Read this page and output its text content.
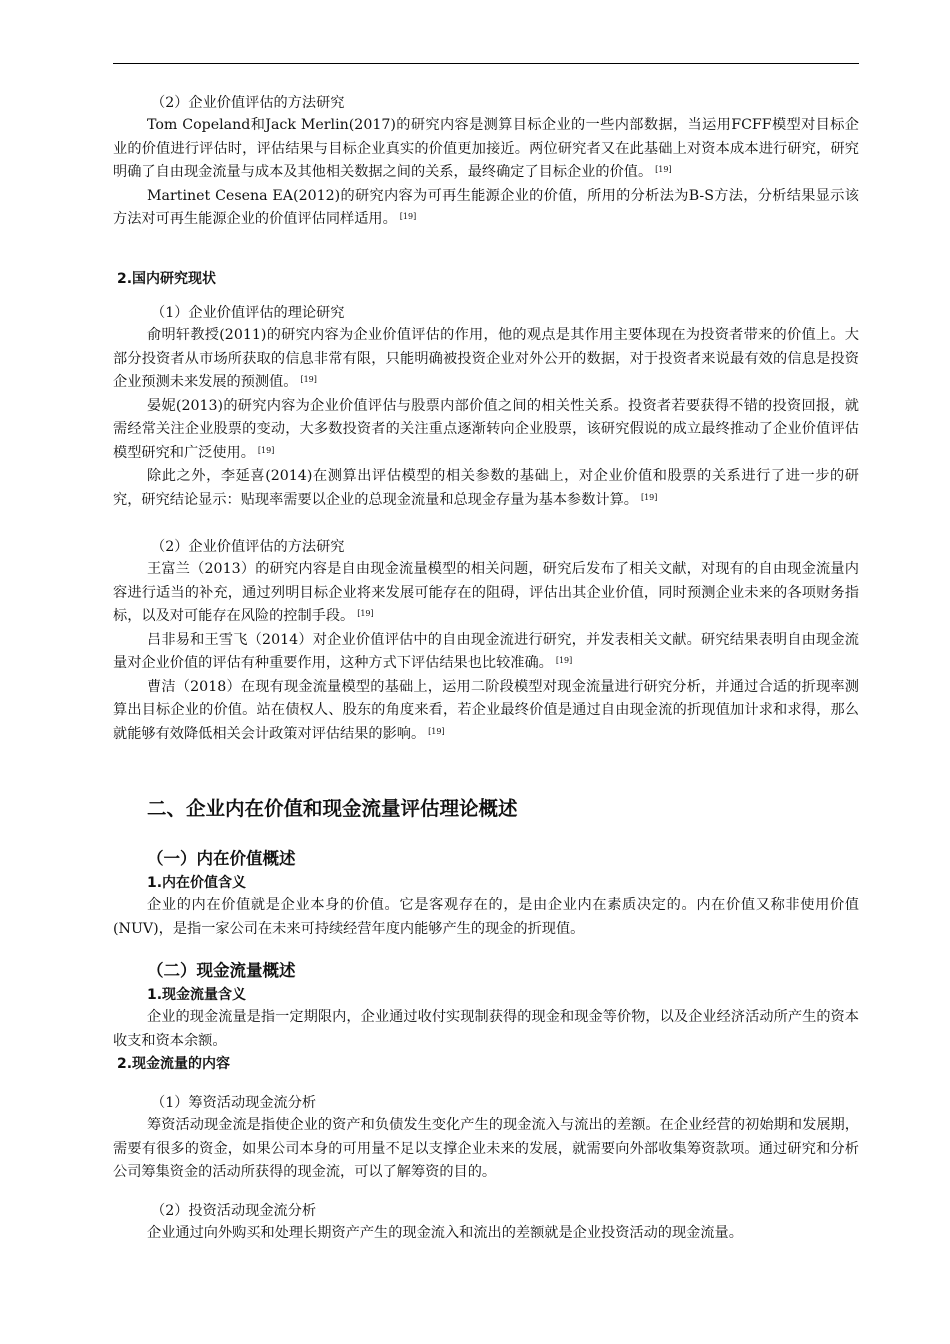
（2）企业价值评估的方法研究

Tom Copeland和Jack Merlin(2017)的研究内容是测算目标企业的一些内部数据，当运用FCFF模型对目标企业的价值进行评估时，评估结果与目标企业真实的价值更加接近。两位研究者又在此基础上对资本成本进行研究，研究明确了自由现金流量与成本及其他相关数据之间的关系，最终确定了目标企业的价值。 [19]

Martinet Cesena EA(2012)的研究内容为可再生能源企业的价值，所用的分析法为B-S方法，分析结果显示该方法对可再生能源企业的价值评估同样适用。 [19]

2.国内研究现状

（1）企业价值评估的理论研究

俞明轩教授(2011)的研究内容为企业价值评估的作用，他的观点是其作用主要体现在为投资者带来的价值上。大部分投资者从市场所获取的信息非常有限，只能明确被投资企业对外公开的数据，对于投资者来说最有效的信息是投资企业预测未来发展的预测值。 [19]

晏妮(2013)的研究内容为企业价值评估与股票内部价值之间的相关性关系。投资者若要获得不错的投资回报，就需经常关注企业股票的变动，大多数投资者的关注重点逐渐转向企业股票，该研究假说的成立最终推动了企业价值评估模型研究和广泛使用。 [19]

除此之外，李延喜(2014)在测算出评估模型的相关参数的基础上，对企业价值和股票的关系进行了进一步的研究，研究结论显示：贴现率需要以企业的总现金流量和总现金存量为基本参数计算。 [19]

（2）企业价值评估的方法研究

王富兰（2013）的研究内容是自由现金流量模型的相关问题，研究后发布了相关文献，对现有的自由现金流量内容进行适当的补充，通过列明目标企业将来发展可能存在的阻碍，评估出其企业价值，同时预测企业未来的各项财务指标，以及对可能存在风险的控制手段。 [19]

吕非易和王雪飞（2014）对企业价值评估中的自由现金流进行研究，并发表相关文献。研究结果表明自由现金流量对企业价值的评估有种重要作用，这种方式下评估结果也比较准确。 [19]

曹洁（2018）在现有现金流量模型的基础上，运用二阶段模型对现金流量进行研究分析，并通过合适的折现率测算出目标企业的价值。站在债权人、股东的角度来看，若企业最终价值是通过自由现金流的折现值加计求和求得，那么就能够有效降低相关会计政策对评估结果的影响。 [19]

二、企业内在价值和现金流量评估理论概述

（一）内在价值概述

1.内在价值含义

企业的内在价值就是企业本身的价值。它是客观存在的，是由企业内在素质决定的。内在价值又称非使用价值(NUV)，是指一家公司在未来可持续经营年度内能够产生的现金的折现值。

（二）现金流量概述

1.现金流量含义

企业的现金流量是指一定期限内，企业通过收付实现制获得的现金和现金等价物，以及企业经济活动所产生的资本收支和资本余额。

2.现金流量的内容

（1）筹资活动现金流分析

筹资活动现金流是指使企业的资产和负债发生变化产生的现金流入与流出的差额。在企业经营的初始期和发展期，需要有很多的资金，如果公司本身的可用量不足以支撑企业未来的发展，就需要向外部收集筹资款项。通过研究和分析公司筹集资金的活动所获得的现金流，可以了解筹资的目的。

（2）投资活动现金流分析

企业通过向外购买和处理长期资产产生的现金流入和流出的差额就是企业投资活动的现金流量。
